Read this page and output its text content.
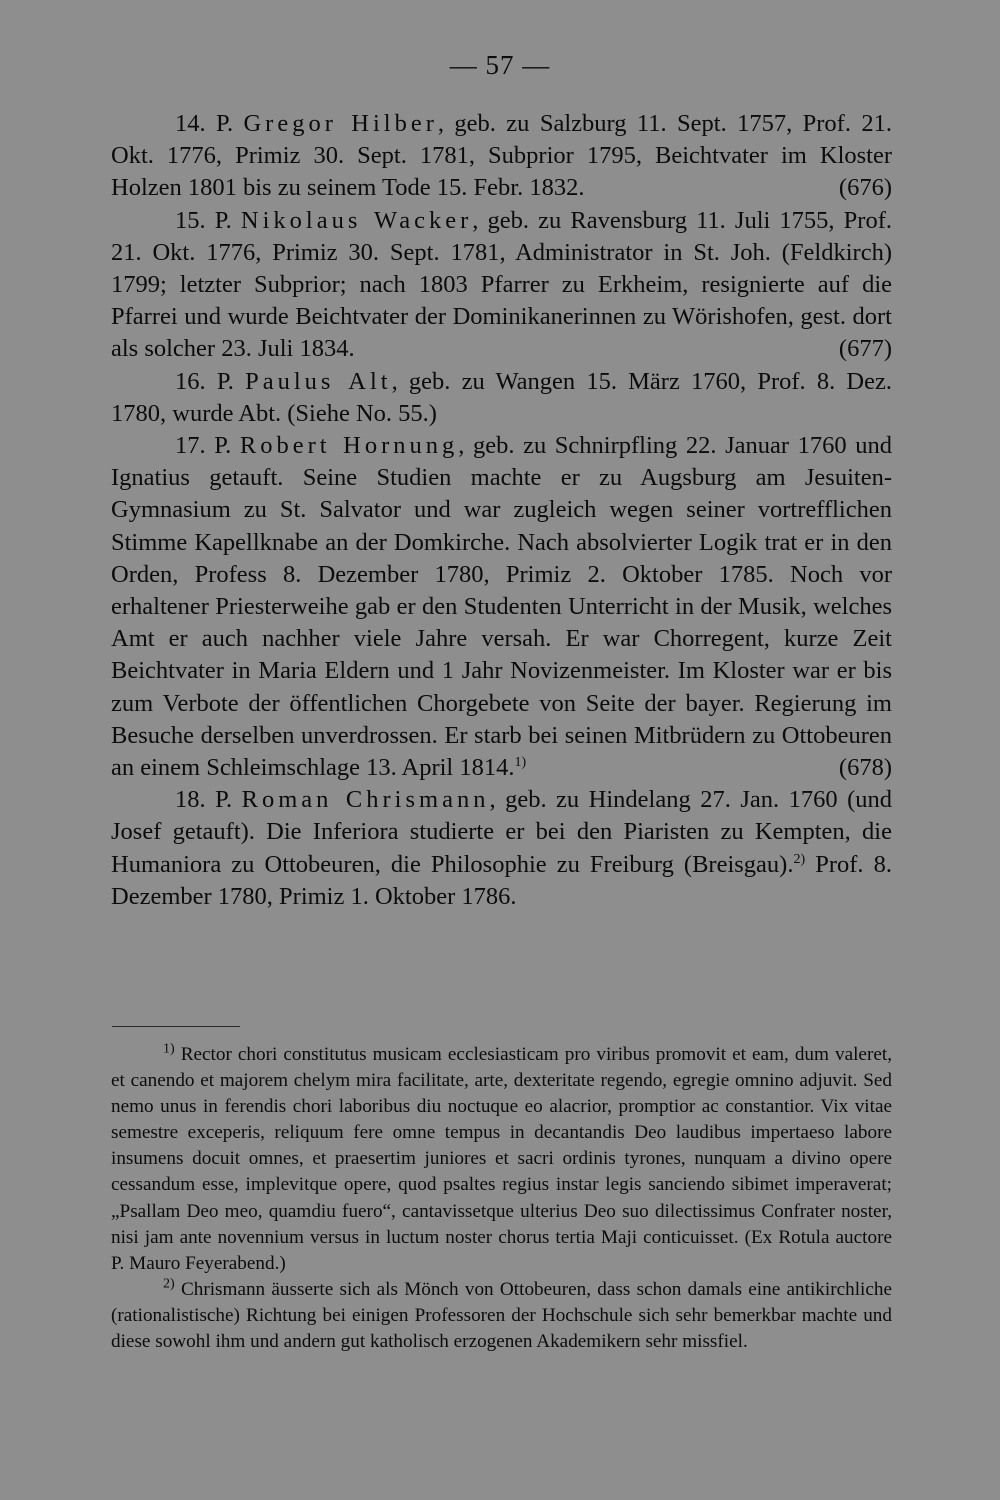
— 57 —

14. P. Gregor Hilber, geb. zu Salzburg 11. Sept. 1757, Prof. 21. Okt. 1776, Primiz 30. Sept. 1781, Subprior 1795, Beichtvater im Kloster Holzen 1801 bis zu seinem Tode 15. Febr. 1832.	(676)

15. P. Nikolaus Wacker, geb. zu Ravensburg 11. Juli 1755, Prof. 21. Okt. 1776, Primiz 30. Sept. 1781, Administrator in St. Joh. (Feldkirch) 1799; letzter Subprior; nach 1803 Pfarrer zu Erkheim, resignierte auf die Pfarrei und wurde Beichtvater der Dominikanerinnen zu Wörishofen, gest. dort als solcher 23. Juli 1834.	(677)

16. P. Paulus Alt, geb. zu Wangen 15. März 1760, Prof. 8. Dez. 1780, wurde Abt. (Siehe No. 55.)

17. P. Robert Hornung, geb. zu Schnirpfling 22. Januar 1760 und Ignatius getauft. Seine Studien machte er zu Augsburg am Jesuiten-Gymnasium zu St. Salvator und war zugleich wegen seiner vortrefflichen Stimme Kapellknabe an der Domkirche. Nach absolvierter Logik trat er in den Orden, Profess 8. Dezember 1780, Primiz 2. Oktober 1785. Noch vor erhaltener Priesterweihe gab er den Studenten Unterricht in der Musik, welches Amt er auch nachher viele Jahre versah. Er war Chorregent, kurze Zeit Beichtvater in Maria Eldern und 1 Jahr Novizenmeister. Im Kloster war er bis zum Verbote der öffentlichen Chorgebete von Seite der bayer. Regierung im Besuche derselben unverdrossen. Er starb bei seinen Mitbrüdern zu Ottobeuren an einem Schleimschlage 13. April 1814.$^{1)}$	(678)

18. P. Roman Chrismann, geb. zu Hindelang 27. Jan. 1760 (und Josef getauft). Die Inferiora studierte er bei den Piaristen zu Kempten, die Humaniora zu Ottobeuren, die Philosophie zu Freiburg (Breisgau).$^{2)}$ Prof. 8. Dezember 1780, Primiz 1. Oktober 1786.

$^{1)}$ Rector chori constitutus musicam ecclesiasticam pro viribus promovit et eam, dum valeret, et canendo et majorem chelym mira facilitate, arte, dexteritate regendo, egregie omnino adjuvit. Sed nemo unus in ferendis chori laboribus diu noctuque eo alacrior, promptior ac constantior. Vix vitae semestre exceperis, reliquum fere omne tempus in decantandis Deo laudibus impertaeso labore insumens docuit omnes, et praesertim juniores et sacri ordinis tyrones, nunquam a divino opere cessandum esse, implevitque opere, quod psaltes regius instar legis sanciendo sibimet imperaverat; „Psallam Deo meo, quamdiu fuero“, cantavissetque ulterius Deo suo dilectissimus Confrater noster, nisi jam ante novennium versus in luctum noster chorus tertia Maji conticuisset. (Ex Rotula auctore P. Mauro Feyerabend.)

$^{2)}$ Chrismann äusserte sich als Mönch von Ottobeuren, dass schon damals eine antikirchliche (rationalistische) Richtung bei einigen Professoren der Hochschule sich sehr bemerkbar machte und diese sowohl ihm und andern gut katholisch erzogenen Akademikern sehr missfiel.
